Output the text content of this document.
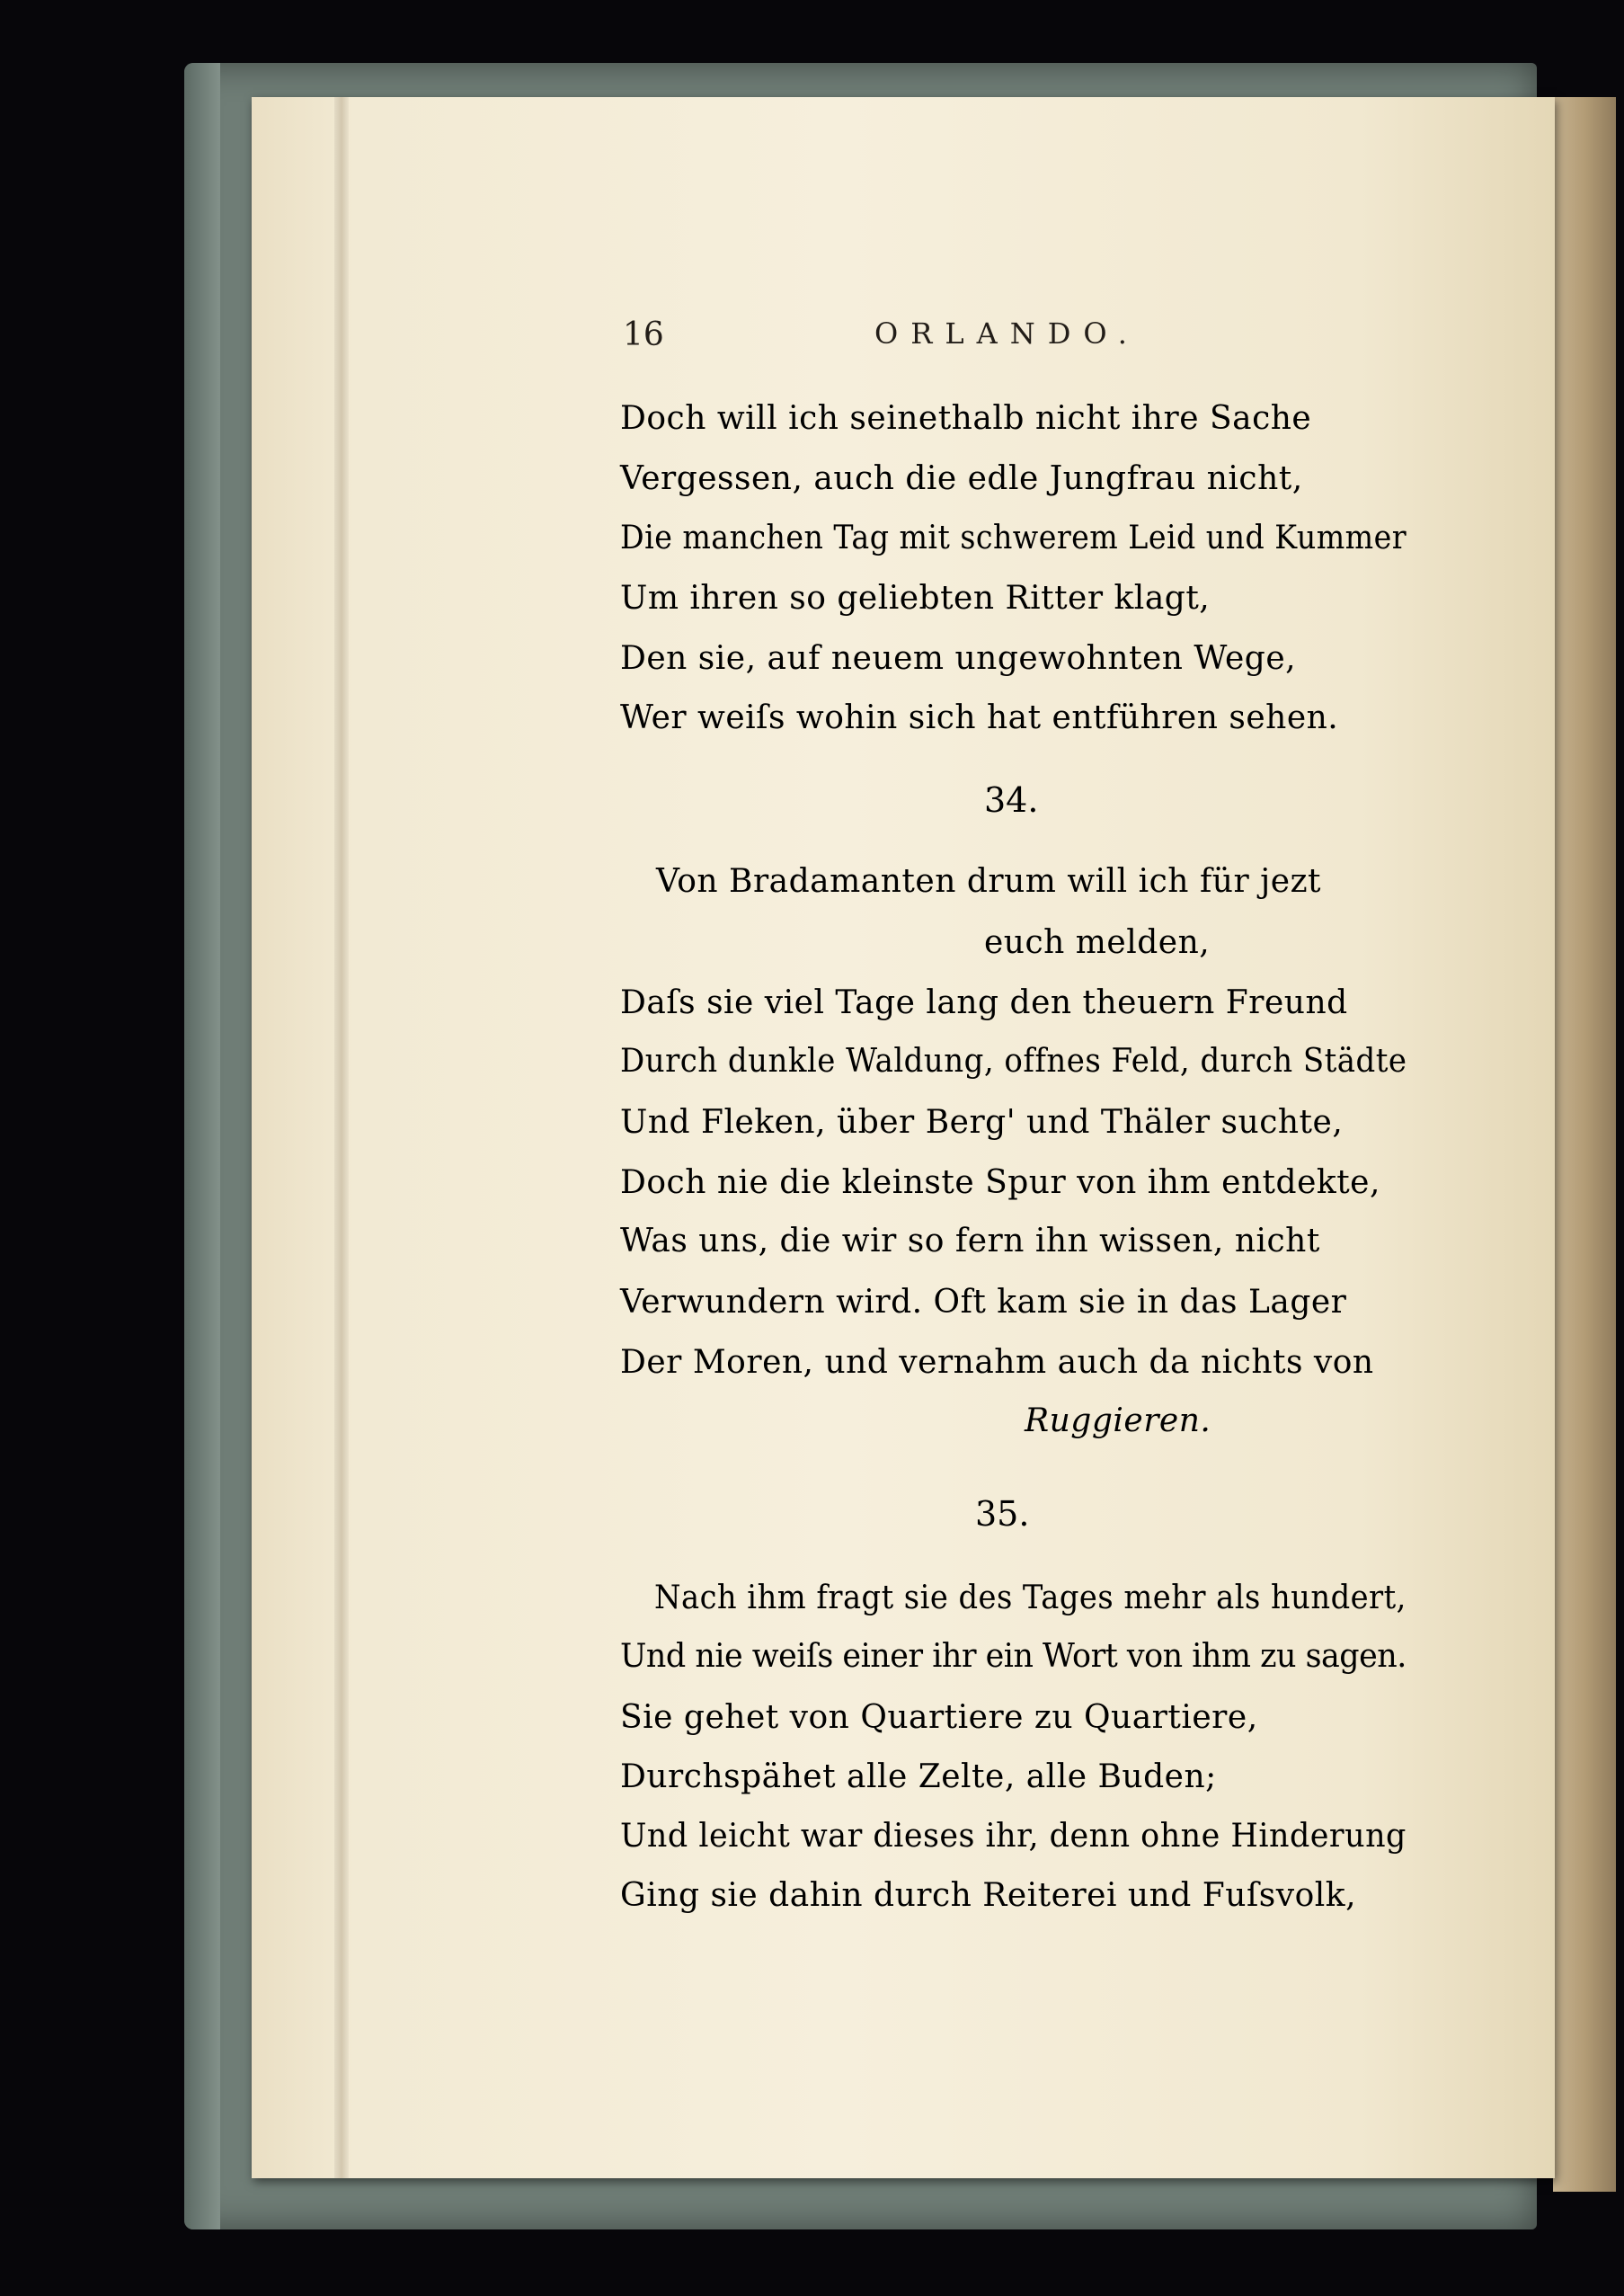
16	ORLANDO.
Doch will ich seinethalb nicht ihre Sache
Vergessen, auch die edle Jungfrau nicht,
Die manchen Tag mit schwerem Leid und Kummer
Um ihren so geliebten Ritter klagt,
Den sie, auf neuem ungewohnten Wege,
Wer weiſs wohin sich hat entführen sehen.
34.
Von Bradamanten drum will ich für jezt
euch melden,
Daſs sie viel Tage lang den theuern Freund
Durch dunkle Waldung, offnes Feld, durch Städte
Und Fleken, über Berg' und Thäler suchte,
Doch nie die kleinste Spur von ihm entdekte,
Was uns, die wir so fern ihn wissen, nicht
Verwundern wird. Oft kam sie in das Lager
Der Moren, und vernahm auch da nichts von
Ruggieren.
35.
Nach ihm fragt sie des Tages mehr als hundert,
Und nie weiſs einer ihr ein Wort von ihm zu sagen.
Sie gehet von Quartiere zu Quartiere,
Durchspähet alle Zelte, alle Buden;
Und leicht war dieses ihr, denn ohne Hinderung
Ging sie dahin durch Reiterei und Fuſsvolk,
